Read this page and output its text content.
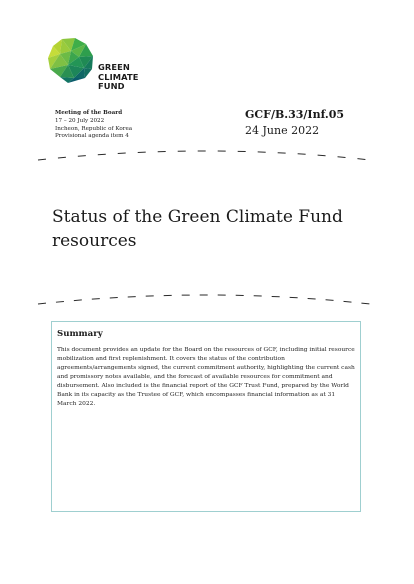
GREEN
CLIMATE
FUND
Meeting of the Board
17 – 20 July 2022
Incheon, Republic of Korea
Provisional agenda item 4
GCF/B.33/Inf.05
24 June 2022
Status of the Green Climate Fund resources
Summary
This document provides an update for the Board on the resources of GCF, including initial resource mobilization and first replenishment. It covers the status of the contribution agreements/arrangements signed, the current commitment authority, highlighting the current cash and promissory notes available, and the forecast of available resources for commitment and disbursement. Also included is the financial report of the GCF Trust Fund, prepared by the World Bank in its capacity as the Trustee of GCF, which encompasses financial information as at 31 March 2022.
